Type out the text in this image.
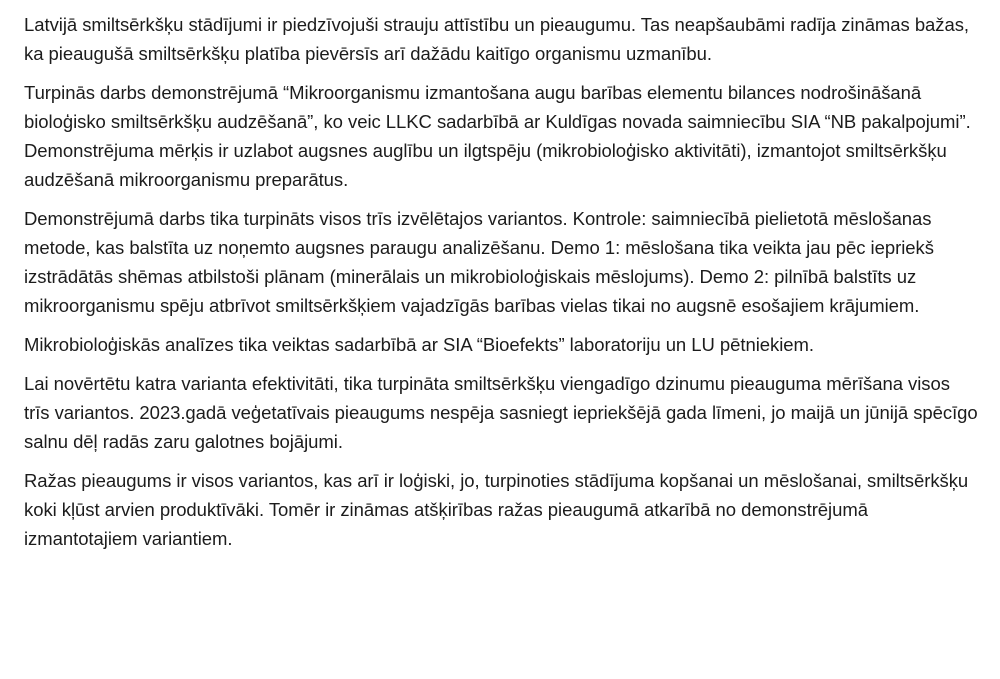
Latvijā smiltsērkšķu stādījumi ir piedzīvojuši strauju attīstību un pieaugumu. Tas neapšaubāmi radīja zināmas bažas, ka pieaugušā smiltsērkšķu platība pievērsīs arī dažādu kaitīgo organismu uzmanību.

Turpinās darbs demonstrējumā “Mikroorganismu izmantošana augu barības elementu bilances nodrošināšanā bioloģisko smiltsērkšķu audzēšanā”, ko veic LLKC sadarbībā ar Kuldīgas novada saimniecību SIA “NB pakalpojumi”. Demonstrējuma mērķis ir uzlabot augsnes auglību un ilgtspēju (mikrobioloģisko aktivitāti), izmantojot smiltsērkšķu audzēšanā mikroorganismu preparātus.

Demonstrējumā darbs tika turpināts visos trīs izvēlētajos variantos. Kontrole: saimniecībā pielietotā mēslošanas metode, kas balstīta uz noņemto augsnes paraugu analizēšanu. Demo 1: mēslošana tika veikta jau pēc iepriekš izstrādātās shēmas atbilstoši plānam (minerālais un mikrobioloģiskais mēslojums). Demo 2: pilnībā balstīts uz mikroorganismu spēju atbrīvot smiltsērkšķiem vajadzīgās barības vielas tikai no augsnē esošajiem krājumiem.

Mikrobioloģiskās analīzes tika veiktas sadarbībā ar SIA “Bioefekts” laboratoriju un LU pētniekiem.

Lai novērtētu katra varianta efektivitāti, tika turpināta smiltsērkšķu viengadīgo dzinumu pieauguma mērīšana visos trīs variantos. 2023.gadā veģetatīvais pieaugums nespēja sasniegt iepriekšējā gada līmeni, jo maijā un jūnijā spēcīgo salnu dēļ radās zaru galotnes bojājumi.

Ražas pieaugums ir visos variantos, kas arī ir loģiski, jo, turpinoties stādījuma kopšanai un mēslošanai, smiltsērkšķu koki kļūst arvien produktīvāki. Tomēr ir zināmas atšķirības ražas pieaugumā atkarībā no demonstrējumā izmantotajiem variantiem.
